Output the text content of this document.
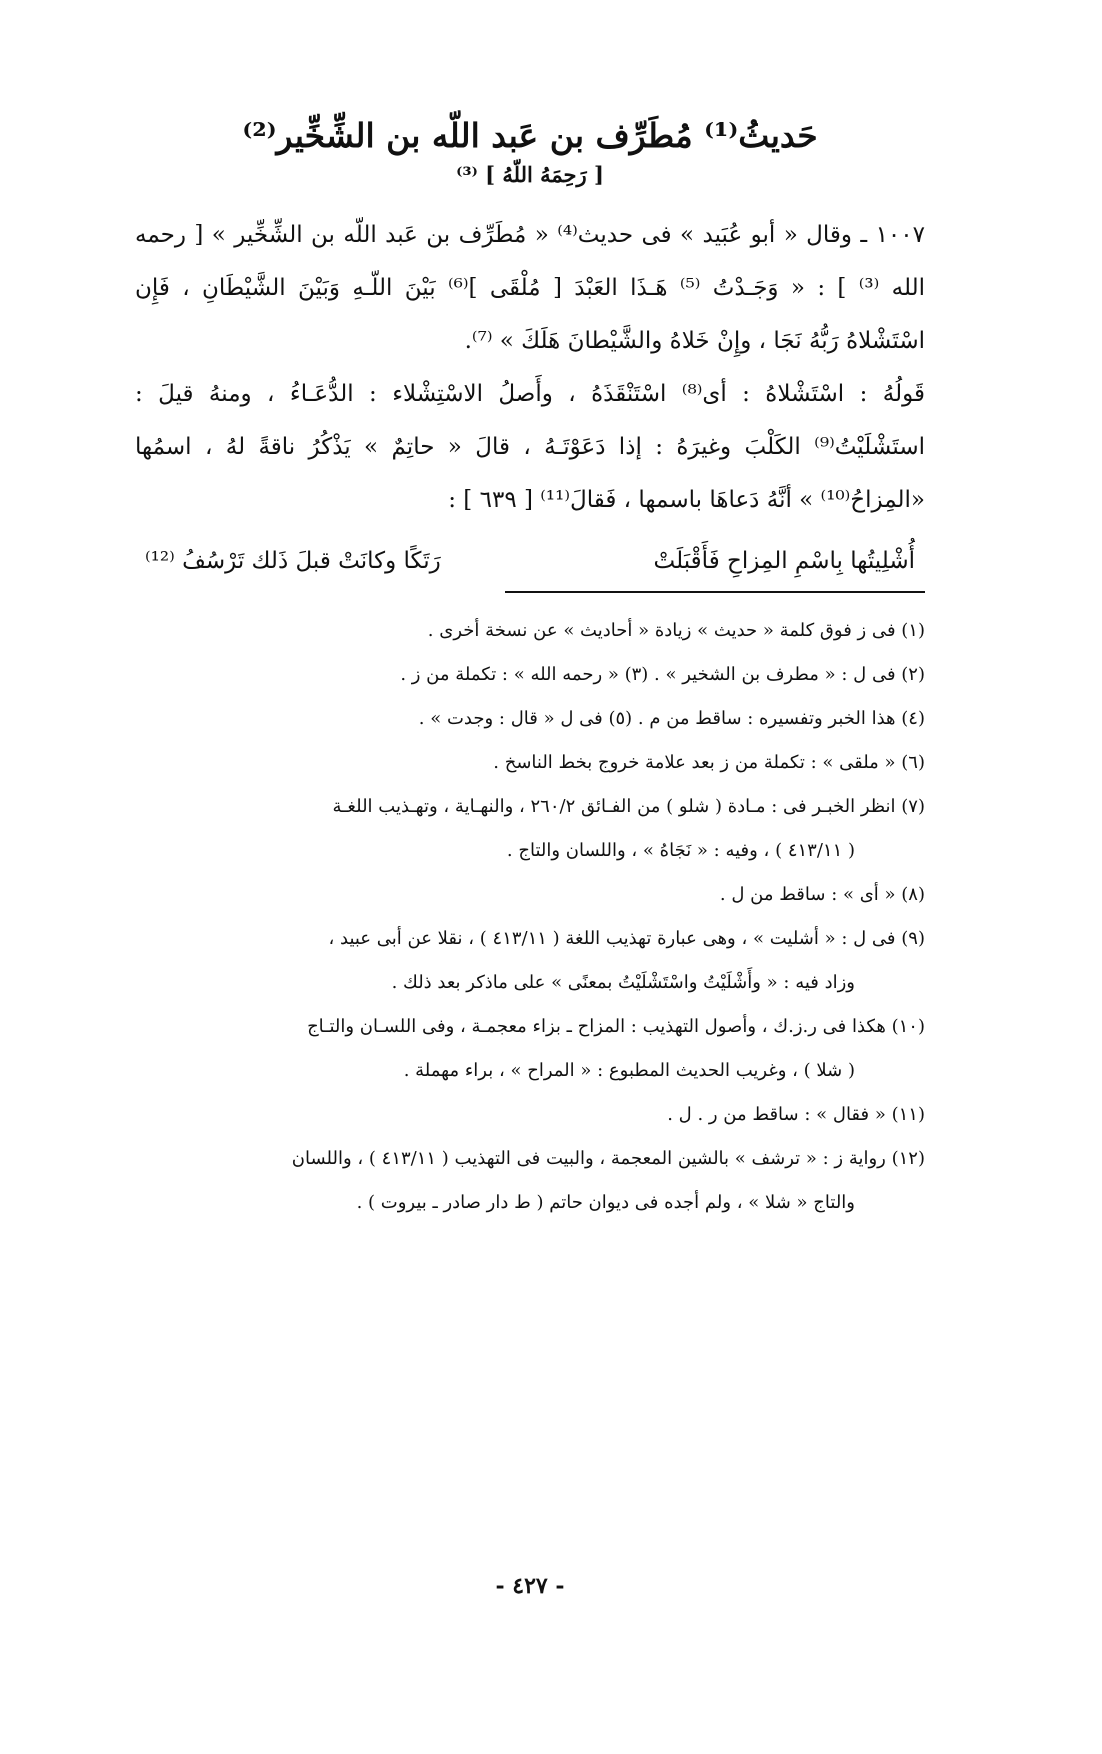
حَديثُ⁽¹⁾ مُطَرِّف بن عَبد اللّه بن الشِّخِّير⁽²⁾
[ رَحِمَهُ اللّهُ ] ⁽³⁾

١٠٠٧ ـ وقال « أبو عُبَيد » فى حديث⁽⁴⁾ « مُطَرِّف بن عَبد اللّه بن الشِّخِّير » [ رحمه الله ⁽³⁾ ] : « وَجَـدْتُ ⁽⁵⁾ هَـذَا العَبْدَ [ مُلْقَى ]⁽⁶⁾ بَيْنَ اللّـهِ وَبَيْنَ الشَّيْطَانِ ، فَإِن اسْتَشْلاهُ رَبُّهُ نَجَا ، وإِنْ خَلاهُ والشَّيْطانَ هَلَكَ » ⁽⁷⁾.

قَولُهُ : اسْتَشْلاهُ : أى⁽⁸⁾ اسْتَنْقَذَهُ ، وأَصلُ الاسْتِشْلاء : الدُّعَـاءُ ، ومنهُ قيلَ : استَشْلَيْتُ⁽⁹⁾ الكَلْبَ وغيرَهُ : إذا دَعَوْتَـهُ ، قالَ « حاتِمٌ » يَذْكُرُ ناقةً لهُ ، اسمُها «المِزاحُ⁽¹⁰⁾ » أنَّهُ دَعاهَا باسمها ، فَقالَ⁽¹¹⁾ [ ٦٣٩ ] :

أُشْلِيتُها بِاسْمِ المِزاحِ فَأَقْبَلَتْ
رَتَكًا وكانَتْ قبلَ ذَلك تَرْسُفُ ⁽¹²⁾
(١) فى ز فوق كلمة « حديث » زيادة « أحاديث » عن نسخة أخرى .
(٢) فى ل : « مطرف بن الشخير » . (٣) « رحمه الله » : تكملة من ز .
(٤) هذا الخبر وتفسيره : ساقط من م . (٥) فى ل « قال : وجدت » .
(٦) « ملقى » : تكملة من ز بعد علامة خروج بخط الناسخ .
(٧) انظر الخبـر فى : مـادة ( شلو ) من الفـائق ٢٦٠/٢ ، والنهـاية ، وتهـذيب اللغـة
( ٤١٣/١١ ) ، وفيه : « نَجَاهُ » ، واللسان والتاج .
(٨) « أى » : ساقط من ل .
(٩) فى ل : « أشليت » ، وهى عبارة تهذيب اللغة ( ٤١٣/١١ ) ، نقلا عن أبى عبيد ،
وزاد فيه : « وأَشْلَيْتُ واسْتَشْلَيْتُ بمعنًى » على ماذكر بعد ذلك .
(١٠) هكذا فى ر.ز.ك ، وأصول التهذيب : المزاح ـ بزاء معجمـة ، وفى اللسـان والتـاج
( شلا ) ، وغريب الحديث المطبوع : « المراح » ، براء مهملة .
(١١) « فقال » : ساقط من ر . ل .
(١٢) رواية ز : « ترشف » بالشين المعجمة ، والبيت فى التهذيب ( ٤١٣/١١ ) ، واللسان
والتاج « شلا » ، ولم أجده فى ديوان حاتم ( ط دار صادر ـ بيروت ) .
- ٤٢٧ -
